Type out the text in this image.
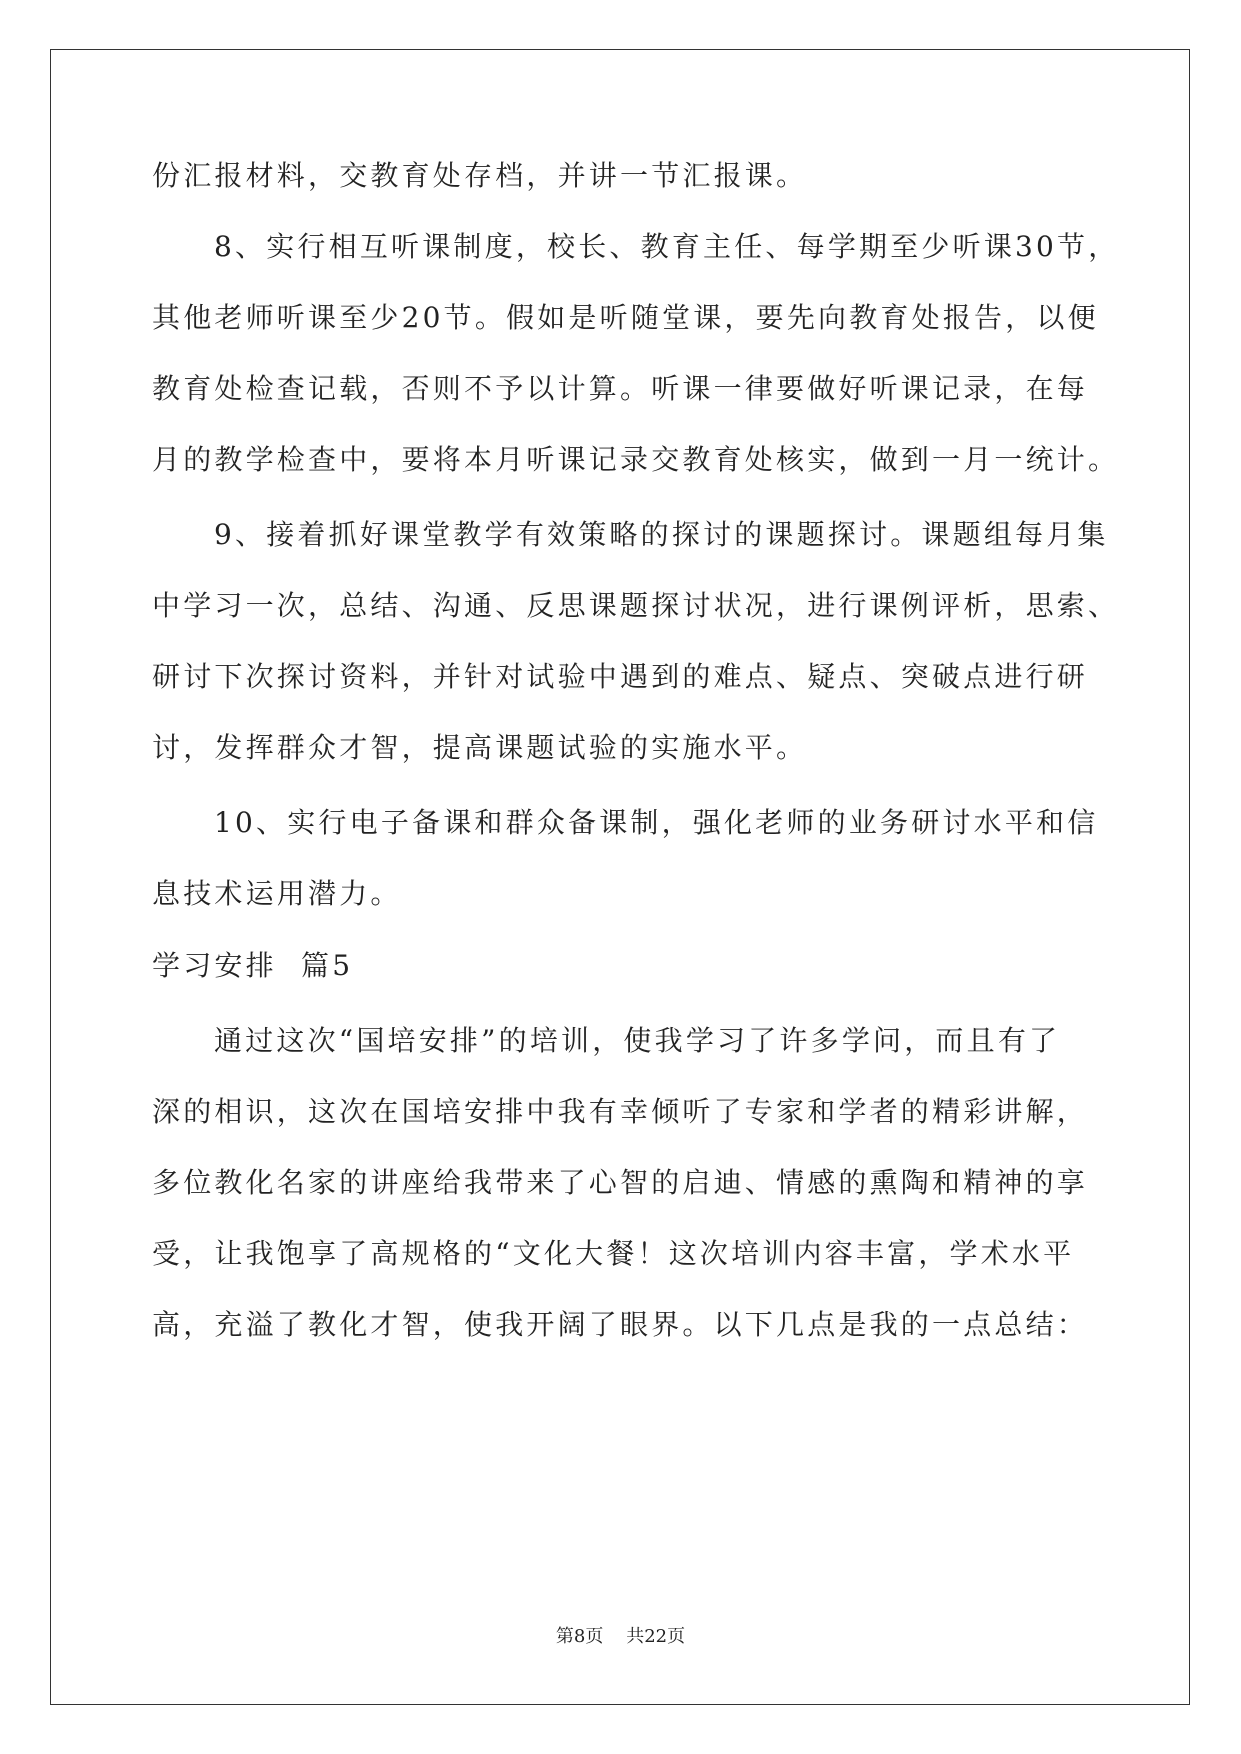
份汇报材料，交教育处存档，并讲一节汇报课。
8、实行相互听课制度，校长、教育主任、每学期至少听课30节，
其他老师听课至少20节。假如是听随堂课，要先向教育处报告，以便
教育处检查记载，否则不予以计算。听课一律要做好听课记录，在每
月的教学检查中，要将本月听课记录交教育处核实，做到一月一统计。
9、接着抓好课堂教学有效策略的探讨的课题探讨。课题组每月集
中学习一次，总结、沟通、反思课题探讨状况，进行课例评析，思索、
研讨下次探讨资料，并针对试验中遇到的难点、疑点、突破点进行研
讨，发挥群众才智，提高课题试验的实施水平。
10、实行电子备课和群众备课制，强化老师的业务研讨水平和信
息技术运用潜力。
学习安排  篇5
通过这次“国培安排”的培训，使我学习了许多学问，而且有了
深的相识，这次在国培安排中我有幸倾听了专家和学者的精彩讲解，
多位教化名家的讲座给我带来了心智的启迪、情感的熏陶和精神的享
受，让我饱享了高规格的“文化大餐！这次培训内容丰富，学术水平
高，充溢了教化才智，使我开阔了眼界。以下几点是我的一点总结：
第8页    共22页
